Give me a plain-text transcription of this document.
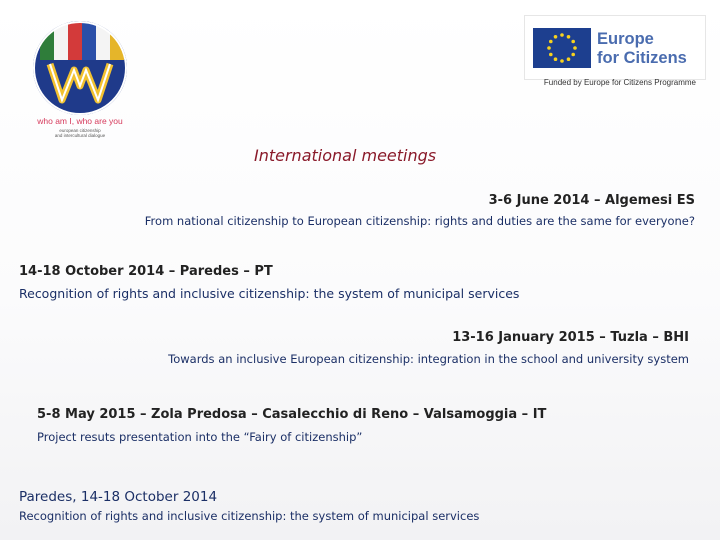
who am I, who are you
european citizenship
and intercultural dialogue
Europe
for Citizens
Funded by Europe for Citizens Programme
International meetings
3-6 June 2014 – Algemesi ES
From national citizenship to European citizenship: rights and duties are the same for everyone?
14-18 October 2014 – Paredes – PT
Recognition of rights and inclusive citizenship: the system of municipal services
13-16 January 2015 – Tuzla – BHI
Towards an inclusive European citizenship: integration in the school and university system
5-8 May 2015 – Zola Predosa – Casalecchio di Reno – Valsamoggia – IT
Project resuts presentation into the “Fairy of citizenship”
Paredes, 14-18 October 2014
Recognition of rights and inclusive citizenship: the system of municipal services
